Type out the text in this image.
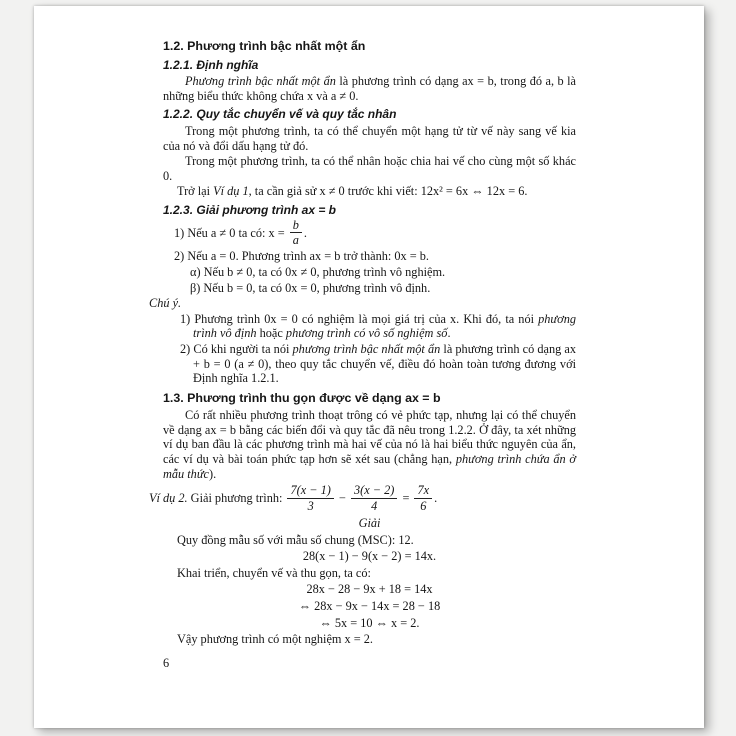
1.2. Phương trình bậc nhất một ẩn
1.2.1. Định nghĩa

Phương trình bậc nhất một ẩn là phương trình có dạng ax = b, trong đó a, b là những biểu thức không chứa x và a ≠ 0.

1.2.2. Quy tắc chuyển vế và quy tắc nhân

Trong một phương trình, ta có thể chuyển một hạng tử từ vế này sang vế kia của nó và đổi dấu hạng tử đó.

Trong một phương trình, ta có thể nhân hoặc chia hai vế cho cùng một số khác 0.

Trở lại Ví dụ 1, ta cần giả sử x ≠ 0 trước khi viết: 12x² = 6x ⇔ 12x = 6.

1.2.3. Giải phương trình ax = b

1) Nếu a ≠ 0 ta có: $x = \frac{b}{a}$ .

2) Nếu a = 0. Phương trình ax = b trở thành: 0x = b.

α) Nếu b ≠ 0, ta có 0x ≠ 0, phương trình vô nghiệm.

β) Nếu b = 0, ta có 0x = 0, phương trình vô định.

Chú ý.

1) Phương trình 0x = 0 có nghiệm là mọi giá trị của x. Khi đó, ta nói phương trình vô định hoặc phương trình có vô số nghiệm số.

2) Có khi người ta nói phương trình bậc nhất một ẩn là phương trình có dạng ax + b = 0 (a ≠ 0), theo quy tắc chuyển vế, điều đó hoàn toàn tương đương với Định nghĩa 1.2.1.

1.3. Phương trình thu gọn được về dạng ax = b

Có rất nhiều phương trình thoạt trông có vẻ phức tạp, nhưng lại có thể chuyển về dạng ax = b bằng các biến đổi và quy tắc đã nêu trong 1.2.2. Ở đây, ta xét những ví dụ ban đầu là các phương trình mà hai vế của nó là hai biểu thức nguyên của ẩn, các ví dụ và bài toán phức tạp hơn sẽ xét sau (chẳng hạn, phương trình chứa ẩn ở mẫu thức).

Ví dụ 2. Giải phương trình: $\frac{7(x - 1)}{3} - \frac{3(x - 2)}{4} = \frac{7x}{6}$ .

Giải

Quy đồng mẫu số với mẫu số chung (MSC): 12.

28(x − 1) − 9(x − 2) = 14x.

Khai triển, chuyển vế và thu gọn, ta có:

28x − 28 − 9x + 18 = 14x

⇔ 28x − 9x − 14x = 28 − 18

⇔ 5x = 10 ⇔ x = 2.

Vậy phương trình có một nghiệm x = 2.

6
